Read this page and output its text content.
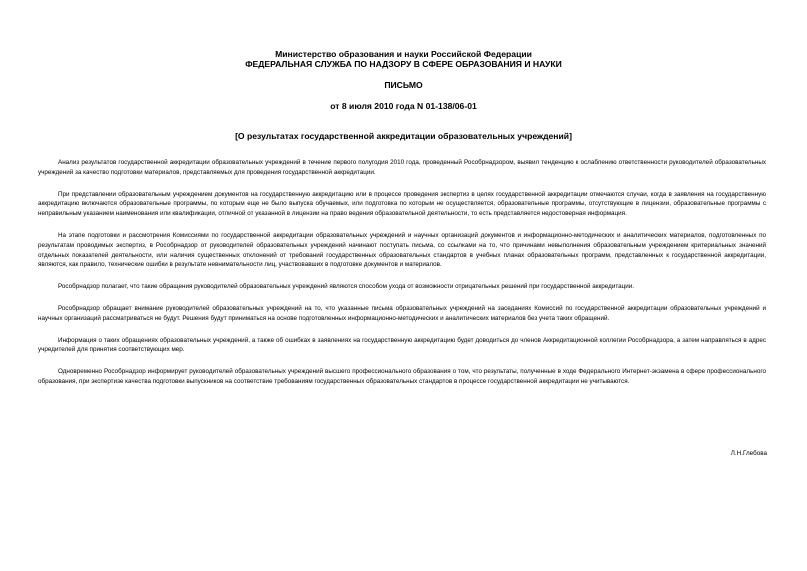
Министерство образования и науки Российской Федерации
ФЕДЕРАЛЬНАЯ СЛУЖБА ПО НАДЗОРУ В СФЕРЕ ОБРАЗОВАНИЯ И НАУКИ
ПИСЬМО
от 8 июля 2010 года N 01-138/06-01
[О результатах государственной аккредитации образовательных учреждений]

Анализ результатов государственной аккредитации образовательных учреждений в течение первого полугодия 2010 года, проведенный Рособрнадзором, выявил тенденцию к ослаблению ответственности руководителей образовательных учреждений за качество подготовки материалов, представляемых для проведения государственной аккредитации.

При представлении образовательным учреждением документов на государственную аккредитацию или в процессе проведения экспертиз в целях государственной аккредитации отмечаются случаи, когда в заявления на государственную аккредитацию включаются образовательные программы, по которым еще не было выпуска обучаемых, или подготовка по которым не осуществляется, образовательные программы, отсутствующие в лицензии, образовательные программы с неправильным указанием наименования или квалификации, отличной от указанной в лицензии на право ведения образовательной деятельности, то есть представляется недостоверная информация.

На этапе подготовки и рассмотрения Комиссиями по государственной аккредитации образовательных учреждений и научных организаций документов и информационно-методических и аналитических материалов, подготовленных по результатам проводимых экспертиз, в Рособрнадзор от руководителей образовательных учреждений начинают поступать письма, со ссылками на то, что причинами невыполнения образовательным учреждением критериальных значений отдельных показателей деятельности, или наличия существенных отклонений от требований государственных образовательных стандартов в учебных планах образовательных программ, представленных к государственной аккредитации, являются, как правило, технические ошибки в результате невнимательности лиц, участвовавших в подготовке документов и материалов.

Рособрнадзор полагает, что такие обращения руководителей образовательных учреждений являются способом ухода от возможности отрицательных решений при государственной аккредитации.

Рособрнадзор обращает внимание руководителей образовательных учреждений на то, что указанные письма образовательных учреждений на заседаниях Комиссий по государственной аккредитации образовательных учреждений и научных организаций рассматриваться не будут. Решения будут приниматься на основе подготовленных информационно-методических и аналитических материалов без учета таких обращений.

Информация о таких обращениях образовательных учреждений, а также об ошибках в заявлениях на государственную аккредитацию будет доводиться до членов Аккредитационной коллегии Рособрнадзора, а затем направляться в адрес учредителей для принятия соответствующих мер.

Одновременно Рособрнадзор информирует руководителей образовательных учреждений высшего профессионального образования о том, что результаты, полученные в ходе Федерального Интернет-экзамена в сфере профессионального образования, при экспертизе качества подготовки выпускников на соответствие требованиям государственных образовательных стандартов в процессе государственной аккредитации не учитываются.

Л.Н.Глебова
